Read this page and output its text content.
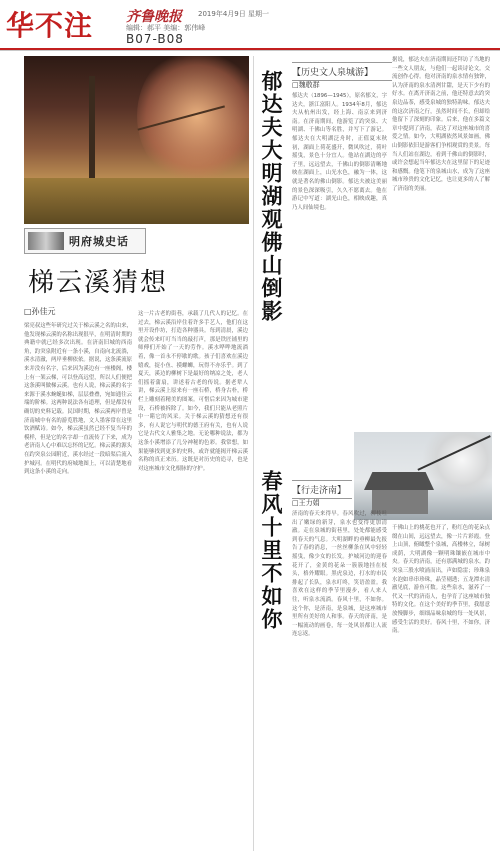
华不注 齐鲁晚报 2019年4月9日 星期一
编辑：郝平 美编：郭伟峰
B07-B08
明府城史话
梯云溪猜想
□孙佳元
梁亮叔这些年研究过关于梯云溪之名的由来，他发现梯云溪的名称出现很早，在明清时期的典籍中就已经多次出现。在济南旧城的西南角，趵突泉附近有一条小溪，自南向北流淌，溪水清澈，两岸垂柳依依。据说，这条溪流原来并没有名字，后来因为溪边有一座楼阁，楼上有一架云梯，可以登高远望，所以人们便把这条溪叫做梯云溪。也有人说，梯云溪的名字来源于溪水蜿蜒如梯，层层叠叠，宛如通往云端的阶梯。这两种说法各有道理，但是都没有确切的史料记载。民国时期，梯云溪两岸曾是济南城中有名的游览胜地，文人墨客常在这里饮酒赋诗。如今，梯云溪虽然已经不复当年的模样，但是它的名字却一直流传了下来，成为老济南人心中难以忘怀的记忆。梯云溪的源头在趵突泉公园附近，溪水经过一段暗渠后流入护城河。在明代的府城地图上，可以清楚地看到这条小溪的走向。
这一片古老的街巷，承载了几代人的记忆。在过去，梯云溪沿岸住着许多手艺人，他们在这里开设作坊，打造各种器具。每到清晨，溪边就会传来叮叮当当的敲打声，那是铁匠铺里的师傅们开始了一天的劳作。溪水哗哗地流淌着，像一首永不停歇的歌。孩子们喜欢在溪边嬉戏，捉小鱼、摸螺蛳，玩得不亦乐乎。到了夏天，溪边的柳树下是最好的纳凉之处，老人们摇着蒲扇，讲述着古老的传说。据老辈人讲，梯云溪上原来有一座石桥，桥身古朴，桥栏上雕刻着精美的图案。可惜后来因为城市建设，石桥被拆除了。如今，我们只能从老照片中一睹它的风采。关于梯云溪的猜想还有很多，有人说它与明代的德王府有关，也有人说它是古代文人雅集之地。无论哪种说法，都为这条小溪增添了几分神秘的色彩。我常想，如果能够找到更多的史料，或许就能揭开梯云溪名称的真正来历。这既是对历史的追寻，也是对这座城市文化根脉的守护。
郁达夫大明湖观佛山倒影
春风十里不如你
【历史文人泉城游】
□魏敬群
郁达夫（1896—1945），原名郁文，字达夫，浙江富阳人。1934年8月，郁达夫从杭州出发，经上海、南京来到济南。在济南期间，他游览了趵突泉、大明湖、千佛山等名胜，并写下了游记。郁达夫在大明湖泛舟时，正值夏末秋初，湖面上荷花盛开，微风吹过，荷叶摇曳，景色十分宜人。他站在湖边的亭子里，远远望去，千佛山的倒影清晰地映在湖面上，山光水色，融为一体，这就是著名的佛山倒影。郁达夫被这美丽的景色深深吸引，久久不愿离去。他在游记中写道：湖光山色，相映成趣，真乃人间仙境也。
据说，郁达夫在济南期间还拜访了当地的一些文人朋友，与他们一起谈诗论文，交流创作心得。他对济南的泉水情有独钟，认为济南的泉水清冽甘甜，是天下少有的好水。在离开济南之前，他还特意去趵突泉边品茶，感受泉城的独特韵味。郁达夫的这次济南之行，虽然时间不长，但却给他留下了深刻的印象。后来，他在多篇文章中提到了济南，表达了对这座城市的喜爱之情。如今，大明湖依然风景如画，佛山倒影依旧是游客们争相观赏的美景。每当人们站在湖边，看到千佛山的倒影时，或许会想起当年郁达夫在这里留下的足迹和感慨。他笔下的泉城山水，成为了这座城市珍贵的文化记忆，也让更多的人了解了济南的美丽。
【行走济南】
□王力娟
济南的春天来得早。春风吹过，柳枝吐出了嫩绿的新芽，泉水也变得更加清澈。走在泉城的街巷里，处处都能感受到春天的气息。大明湖畔的垂柳最先报告了春的消息，一丝丝柳条在风中轻轻摇曳，像少女的长发。护城河边的迎春花开了，金黄的花朵一簇簇地挂在枝头，格外耀眼。黑虎泉边，打水的市民排起了长队，泉水叮咚，笑语盈盈。我喜欢在这样的季节里漫步，看人来人往，听泉水流淌。春风十里，不如你。这个你，是济南，是泉城，是这座城市里所有美好的人和事。春天的济南，是一幅流动的画卷，每一处风景都让人流连忘返。
千佛山上的桃花也开了，粉红色的花朵点缀在山间，远远望去，像一片片彩霞。登上山顶，俯瞰整个泉城，高楼林立，绿树成荫，大明湖像一颗明珠镶嵌在城市中央。春天的济南，还有那满城的泉水。趵突泉三股水喷涌而出，声如隐雷；珍珠泉水泡如串串珍珠，晶莹剔透；五龙潭水清澈见底，游鱼可数。这些泉水，滋养了一代又一代的济南人，也孕育了这座城市独特的文化。在这个美好的季节里，我愿意放慢脚步，细细品味泉城的每一处风景，感受生活的美好。春风十里，不如你，济南。
